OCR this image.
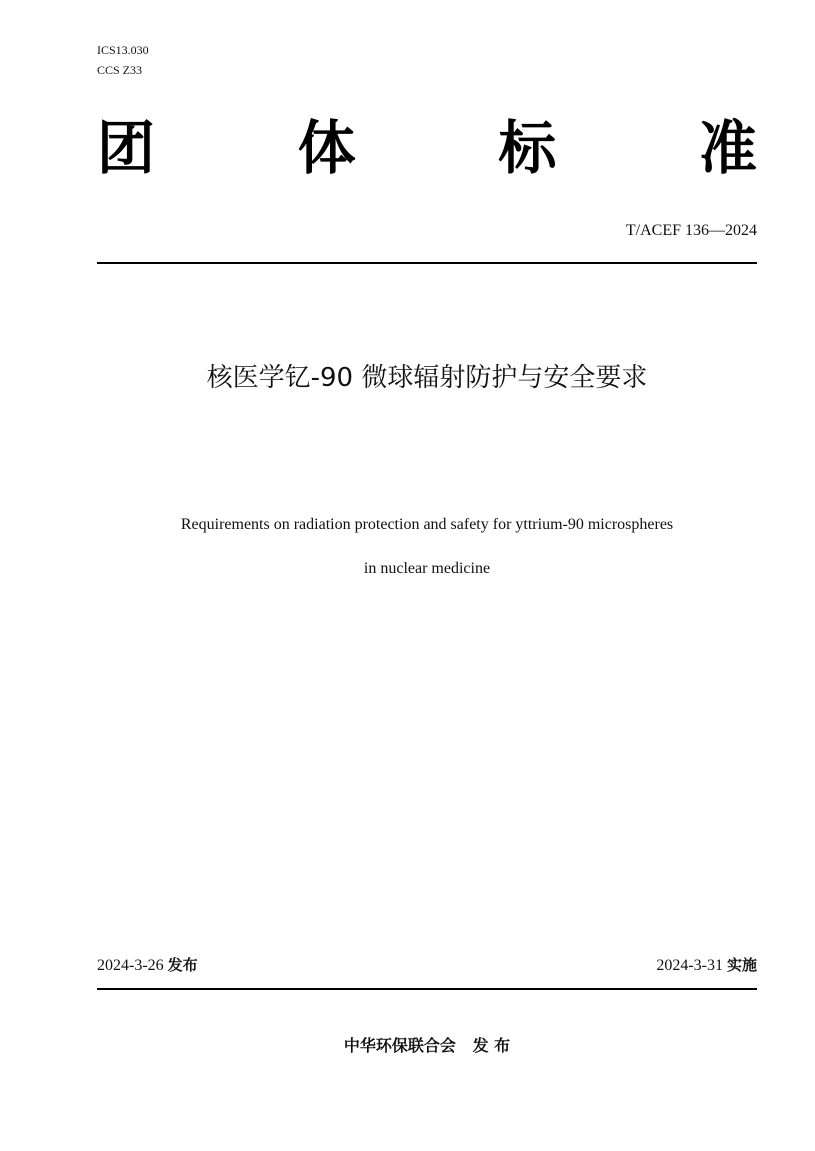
ICS13.030
CCS Z33
团 体 标 准
T/ACEF 136—2024
核医学钇-90 微球辐射防护与安全要求
Requirements on radiation protection and safety for yttrium-90 microspheres
in nuclear medicine
2024-3-26 发布	2024-3-31 实施
中华环保联合会 发 布
